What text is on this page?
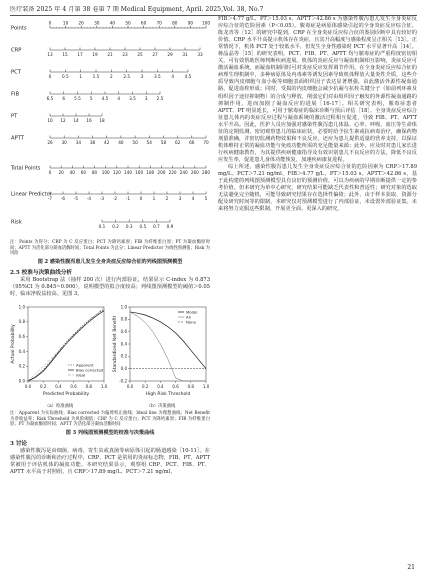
医疗装备 2025 年 4 月第 38 卷第 7 期 Medical Equipment, April. 2025,Vol. 38, No.7
Points
0	10 20 30 40 50 60 70 80 90 100
CRP
13 15 17 19 21 23 25 27 29 31 33
PCT
0	0.5	1	1.5	2	2.5	3	3.5	4	4.5
FIB
6.5 6 5.5 5 4.5 4 3.5 3 2.5
PT
10 12 14 16 18
APTT
26 30 34 38 42 46 50 54 58 62 66 70
Total Points
0 20 40 60 80 100 120 140 160 180 200 220 240 260 280
Linear Predictor
-7 -6 -5 -4 -3 -2 -1 0 1 2 3 4 5
Risk
0.1 0.2 0.3 0.5 0.7 0.9
注：Points 为得分；CRP 为 C 反应蛋白；PCT 为降钙素原；FIB 为纤维蛋白原；PT 为凝血酶原时间；APTT 为活化部分凝血活酶时间；Total Points 为总分；Linear Predictor 为线性预测值；Risk 为风险
图 2 感染性腹泻患儿发生全身炎症反应综合征的列线图预测模型
2.5 校准与决策曲线分析

采用 Bootstrap 法（抽样 200 次）进行内部验证，结果显示 C-index 为 0.873（95%CI 为 0.845~0.900），说明模型的拟合度较高；列线图预测模型的阈值＞0.05 时，临床净收益较高。见图 3。

0.0 0.2 0.4 0.6 0.8 1.0
0.0
0.2
0.4
0.6
0.8
1.0
Predicted Probability
Actual Probability
Apparent
Bias corrected
Ideal
（a）校准曲线
0.0 0.2 0.4 0.6 0.8 1.0
-0.2
0.0
0.2
0.4
0.6
0.8
1.0
High Risk Threshold
Standardized Net Benefit
Model
All
None
（b）决策曲线
注：Apparent 为实际曲线；Bias corrected 为偏倚校正曲线；Ideal line 为理想曲线；Net Benefit 为净收益率；Risk Threshold 为风险阈值；CRP 为 C 反应蛋白；PCT 为降钙素原；FIB 为纤维蛋白原；PT 为凝血酶原时间；APTT 为活化部分凝血活酶时间
图 3 列线图预测模型的校准与决策曲线
3 讨论

感染性腹泻是由细菌、病毒、寄生虫或真菌等病原体引起的肠道感染［10-11］。在感染性腹泻的诊断和治疗过程中，CRP、PCT 是常用的炎症标志物，FIB、PT、APTT 常被用于评估机体的凝血功能。本研究结果显示，观察组 CRP、PCT、FIB、PT、APTT 水平高于对照组，且 CRP＞17.89 mg/L、PCT＞7.21 ng/ml、

FIB＞4.77 g/L、PT＞15.03 s、APTT＞42.86 s 为感染性腹泻患儿发生全身炎症反应综合征的危险因素（P＜0.05）。腹毒症是病原体感染引起的全身炎症反应综合征。陈龙青等［12］的研究中提到，CRP 在全身炎症反应综合征的鉴别诊断中具有较好的价值。CRP 水平升高提示机体存在炎症，且其升高幅度与感染程度呈正相关［13］。正常情况下，机体 PCT 处于较低水平，但发生全身性感染时 PCT 水平显著升高［14］。蒋晶晶等［15］的研究表明，PCT、FIB、PT、APTT 均与脓毒症的严重程度密切相关，可有效帮助医师判断疾病进展。机体的炎症反应与凝血机制相互影响，炎症反应可激活凝血系统，而凝血机制同时可对炎症反应发挥调节作用。在全身炎症反应综合征的病理生理机制中，多种病原体及内毒素等诱发因素导致机体释放大量炎性介质，这些介质导致内皮细胞与血小板等细胞表面组织因子表达显著增强，由此激活外源性凝血通路，促进血栓形成；同时，受损的内皮细胞会减少抗凝与抗栓关键分子（如前列环素及组织因子途径抑制物）的合成与释放，削弱它们对由组织因子触发的外源性凝血通路的抑制作用，进而加剧了凝血反应的进展［16-17］。相关研究表明，脓毒症患者 APTT、PT 明显延长，可用于脓毒症的临床诊断与预后评估［18］。全身炎症反应综合征患儿体内的炎症反应过程与凝血系统的激活过程相互促进，导致 FIB、PT、APTT 水平升高。因此，医护人员应加强对感染性腹泻患儿体温、心率、呼吸、血压等生命体征的定期监测，密切观察患儿的临床症状，必要时给予抗生素或抗病毒治疗，确保药物剂量准确，并密切监测药物效果和不良反应。还应为患儿提供适量的营养支持，以保证机体维持正常的凝血功能与免疫功能所需的充足能量来源；此外，应及时对患儿家长进行疾病健康教育，为其提供疾病健康指导及有效识别患儿不良反应的方法，降低不良反应发生率，促进患儿身体功能恢复，加速疾病康复进程。

综上所述，感染性腹泻患儿发生全身炎症反应综合征的危险因素为 CRP＞17.89 mg/L、PCT＞7.21 ng/ml、FIB＞4.77 g/L、PT＞15.03 s、APTT＞42.86 s，基于此构建的列线图预测模型具有良好的预测价值，可以为疾病的早期诊断提供一定的参考价值。但本研究为单中心研究，研究结果可能缺乏代表性和普适性；研究对象的选取无法避免完全随机，可能导致研究结果存在选择性偏倚；此外，由于样本获取、资源分配及研究时间等的限制，本研究仅对预测模型进行了内部验证，未设置外部验证集。未来将努力克服这些限制，开展更全面、更深入的研究。

21
